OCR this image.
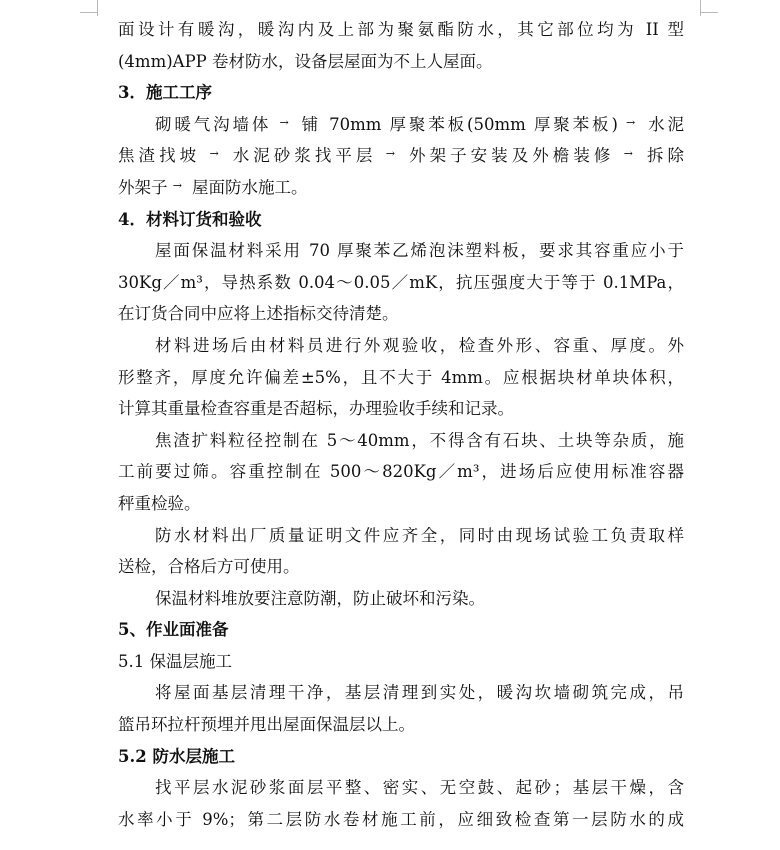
面设计有暖沟，暖沟内及上部为聚氨酯防水，其它部位均为 II 型
(4mm)APP 卷材防水，设备层屋面为不上人屋面。
3．施工工序
砌暖气沟墙体 → 铺 70mm 厚聚苯板(50mm 厚聚苯板) → 水泥
焦渣找坡 → 水泥砂浆找平层 → 外架子安装及外檐装修 → 拆除
外架子 → 屋面防水施工。
4．材料订货和验收
屋面保温材料采用 70 厚聚苯乙烯泡沫塑料板，要求其容重应小于
30Kg／m³，导热系数 0.04～0.05／mK，抗压强度大于等于 0.1MPa，
在订货合同中应将上述指标交待清楚。
材料进场后由材料员进行外观验收，检查外形、容重、厚度。外
形整齐，厚度允许偏差±5%，且不大于 4mm。应根据块材单块体积，
计算其重量检查容重是否超标，办理验收手续和记录。
焦渣扩料粒径控制在 5～40mm，不得含有石块、土块等杂质，施
工前要过筛。容重控制在 500～820Kg／m³，进场后应使用标准容器
秤重检验。
防水材料出厂质量证明文件应齐全，同时由现场试验工负责取样
送检，合格后方可使用。
保温材料堆放要注意防潮，防止破坏和污染。
5、作业面准备
5.1 保温层施工
将屋面基层清理干净，基层清理到实处，暖沟坎墙砌筑完成，吊
篮吊环拉杆预埋并甩出屋面保温层以上。
5.2 防水层施工
找平层水泥砂浆面层平整、密实、无空鼓、起砂；基层干燥，含
水率小于 9%；第二层防水卷材施工前，应细致检查第一层防水的成
